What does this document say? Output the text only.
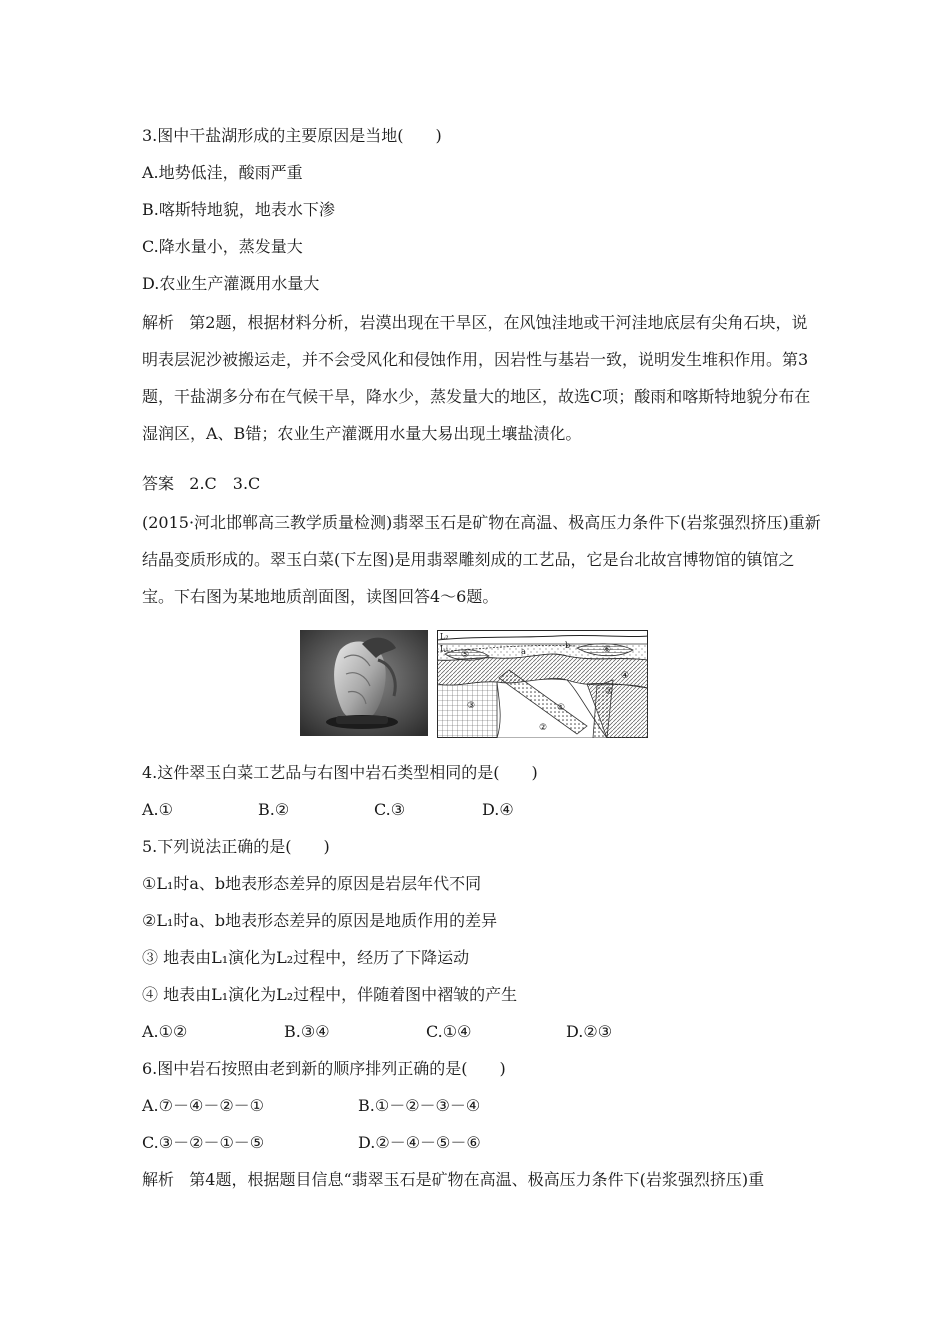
3.图中干盐湖形成的主要原因是当地(　　)
A.地势低洼，酸雨严重
B.喀斯特地貌，地表水下渗
C.降水量小，蒸发量大
D.农业生产灌溉用水量大
解析 第2题，根据材料分析，岩漠出现在干旱区，在风蚀洼地或干河洼地底层有尖角石块，说明表层泥沙被搬运走，并不会受风化和侵蚀作用，因岩性与基岩一致，说明发生堆积作用。第3题，干盐湖多分布在气候干旱，降水少，蒸发量大的地区，故选C项；酸雨和喀斯特地貌分布在湿润区，A、B错；农业生产灌溉用水量大易出现土壤盐渍化。
答案 2.C　3.C
(2015·河北邯郸高三教学质量检测)翡翠玉石是矿物在高温、极高压力条件下(岩浆强烈挤压)重新结晶变质形成的。翠玉白菜(下左图)是用翡翠雕刻成的工艺品，它是台北故宫博物馆的镇馆之宝。下右图为某地地质剖面图，读图回答4～6题。
L₂
L₁	a
b
⑤	⑥
④
⑦
①
②
③
4.这件翠玉白菜工艺品与右图中岩石类型相同的是(　　)
A.①	B.②	C.③	D.④
5.下列说法正确的是(　　)
①L₁时a、b地表形态差异的原因是岩层年代不同
②L₁时a、b地表形态差异的原因是地质作用的差异
③ 地表由L₁演化为L₂过程中，经历了下降运动
④ 地表由L₁演化为L₂过程中，伴随着图中褶皱的产生
A.①②	B.③④	C.①④	D.②③
6.图中岩石按照由老到新的顺序排列正确的是(　　)
A.⑦－④－②－①	B.①－②－③－④
C.③－②－①－⑤	D.②－④－⑤－⑥
解析 第4题，根据题目信息“翡翠玉石是矿物在高温、极高压力条件下(岩浆强烈挤压)重
